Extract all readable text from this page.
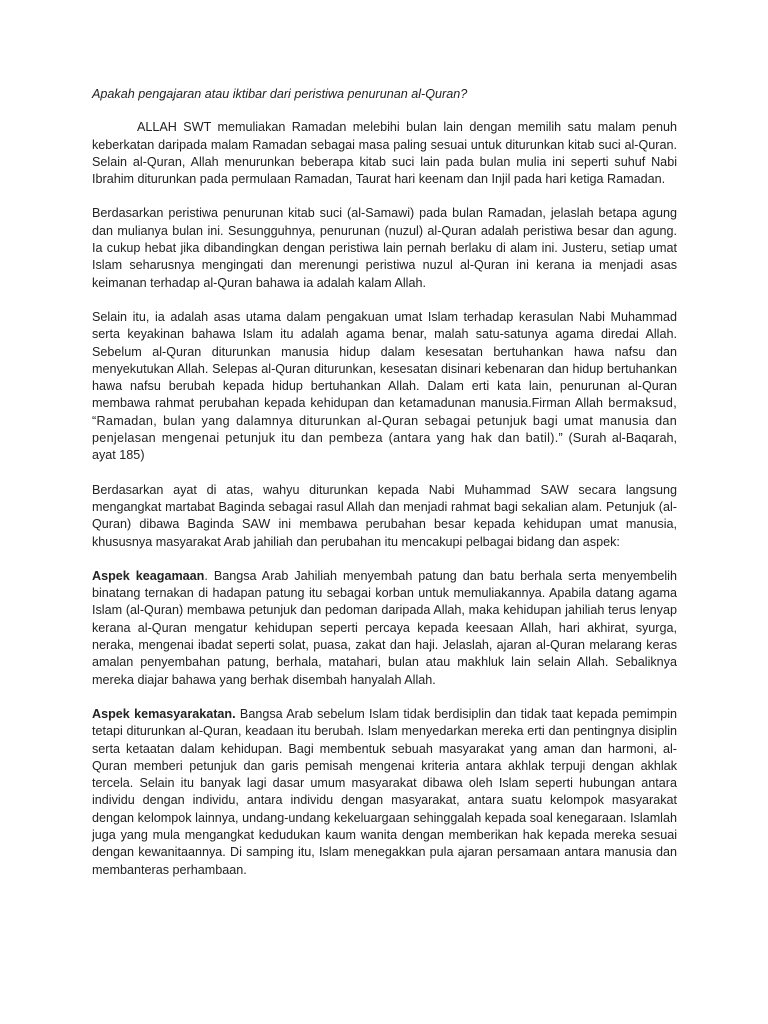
Apakah pengajaran atau iktibar dari peristiwa penurunan al-Quran?

ALLAH SWT memuliakan Ramadan melebihi bulan lain dengan memilih satu malam penuh keberkatan daripada malam Ramadan sebagai masa paling sesuai untuk diturunkan kitab suci al-Quran. Selain al-Quran, Allah menurunkan beberapa kitab suci lain pada bulan mulia ini seperti suhuf Nabi Ibrahim diturunkan pada permulaan Ramadan, Taurat hari keenam dan Injil pada hari ketiga Ramadan.

Berdasarkan peristiwa penurunan kitab suci (al-Samawi) pada bulan Ramadan, jelaslah betapa agung dan mulianya bulan ini. Sesungguhnya, penurunan (nuzul) al-Quran adalah peristiwa besar dan agung. Ia cukup hebat jika dibandingkan dengan peristiwa lain pernah berlaku di alam ini. Justeru, setiap umat Islam seharusnya mengingati dan merenungi peristiwa nuzul al-Quran ini kerana ia menjadi asas keimanan terhadap al-Quran bahawa ia adalah kalam Allah.

Selain itu, ia adalah asas utama dalam pengakuan umat Islam terhadap kerasulan Nabi Muhammad serta keyakinan bahawa Islam itu adalah agama benar, malah satu-satunya agama diredai Allah. Sebelum al-Quran diturunkan manusia hidup dalam kesesatan bertuhankan hawa nafsu dan menyekutukan Allah. Selepas al-Quran diturunkan, kesesatan disinari kebenaran dan hidup bertuhankan hawa nafsu berubah kepada hidup bertuhankan Allah. Dalam erti kata lain, penurunan al-Quran membawa rahmat perubahan kepada kehidupan dan ketamadunan manusia.Firman Allah bermaksud, “Ramadan, bulan yang dalamnya diturunkan al-Quran sebagai petunjuk bagi umat manusia dan penjelasan mengenai petunjuk itu dan pembeza (antara yang hak dan batil).” (Surah al-Baqarah, ayat 185)

Berdasarkan ayat di atas, wahyu diturunkan kepada Nabi Muhammad SAW secara langsung mengangkat martabat Baginda sebagai rasul Allah dan menjadi rahmat bagi sekalian alam. Petunjuk (al-Quran) dibawa Baginda SAW ini membawa perubahan besar kepada kehidupan umat manusia, khususnya masyarakat Arab jahiliah dan perubahan itu mencakupi pelbagai bidang dan aspek:

Aspek keagamaan. Bangsa Arab Jahiliah menyembah patung dan batu berhala serta menyembelih binatang ternakan di hadapan patung itu sebagai korban untuk memuliakannya. Apabila datang agama Islam (al-Quran) membawa petunjuk dan pedoman daripada Allah, maka kehidupan jahiliah terus lenyap kerana al-Quran mengatur kehidupan seperti percaya kepada keesaan Allah, hari akhirat, syurga, neraka, mengenai ibadat seperti solat, puasa, zakat dan haji. Jelaslah, ajaran al-Quran melarang keras amalan penyembahan patung, berhala, matahari, bulan atau makhluk lain selain Allah. Sebaliknya mereka diajar bahawa yang berhak disembah hanyalah Allah.

Aspek kemasyarakatan. Bangsa Arab sebelum Islam tidak berdisiplin dan tidak taat kepada pemimpin tetapi diturunkan al-Quran, keadaan itu berubah. Islam menyedarkan mereka erti dan pentingnya disiplin serta ketaatan dalam kehidupan. Bagi membentuk sebuah masyarakat yang aman dan harmoni, al-Quran memberi petunjuk dan garis pemisah mengenai kriteria antara akhlak terpuji dengan akhlak tercela. Selain itu banyak lagi dasar umum masyarakat dibawa oleh Islam seperti hubungan antara individu dengan individu, antara individu dengan masyarakat, antara suatu kelompok masyarakat dengan kelompok lainnya, undang-undang kekeluargaan sehinggalah kepada soal kenegaraan. Islamlah juga yang mula mengangkat kedudukan kaum wanita dengan memberikan hak kepada mereka sesuai dengan kewanitaannya. Di samping itu, Islam menegakkan pula ajaran persamaan antara manusia dan membanteras perhambaan.
